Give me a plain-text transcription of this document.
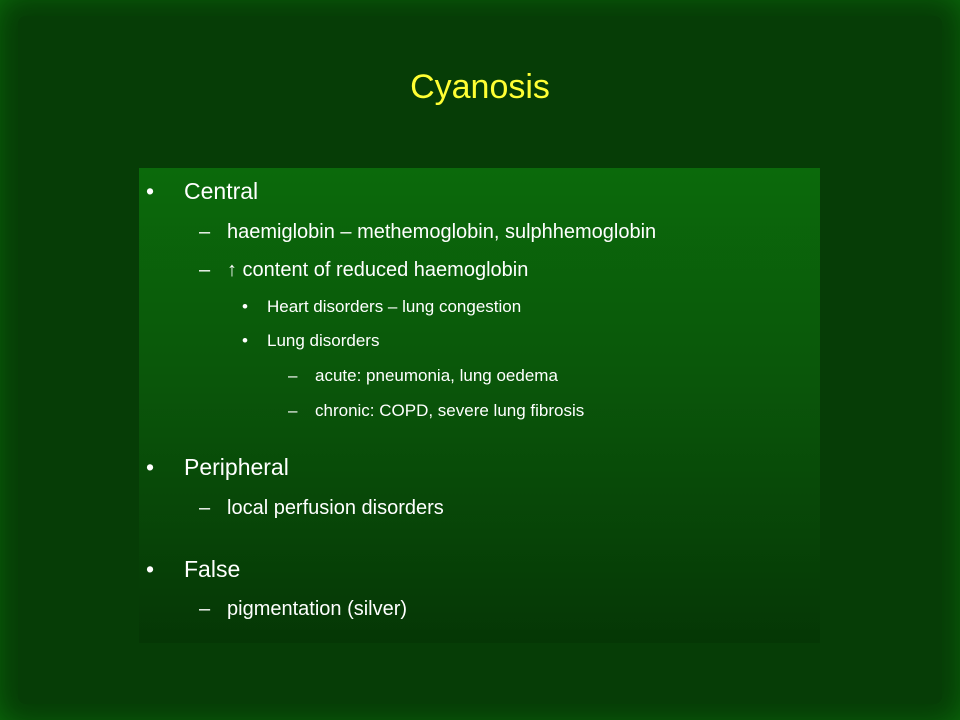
Cyanosis
• Central
– haemiglobin – methemoglobin, sulphhemoglobin
– ↑ content of reduced haemoglobin
• Heart disorders – lung congestion
• Lung disorders
– acute: pneumonia, lung oedema
– chronic: COPD, severe lung fibrosis
• Peripheral
– local perfusion disorders
• False
– pigmentation (silver)
